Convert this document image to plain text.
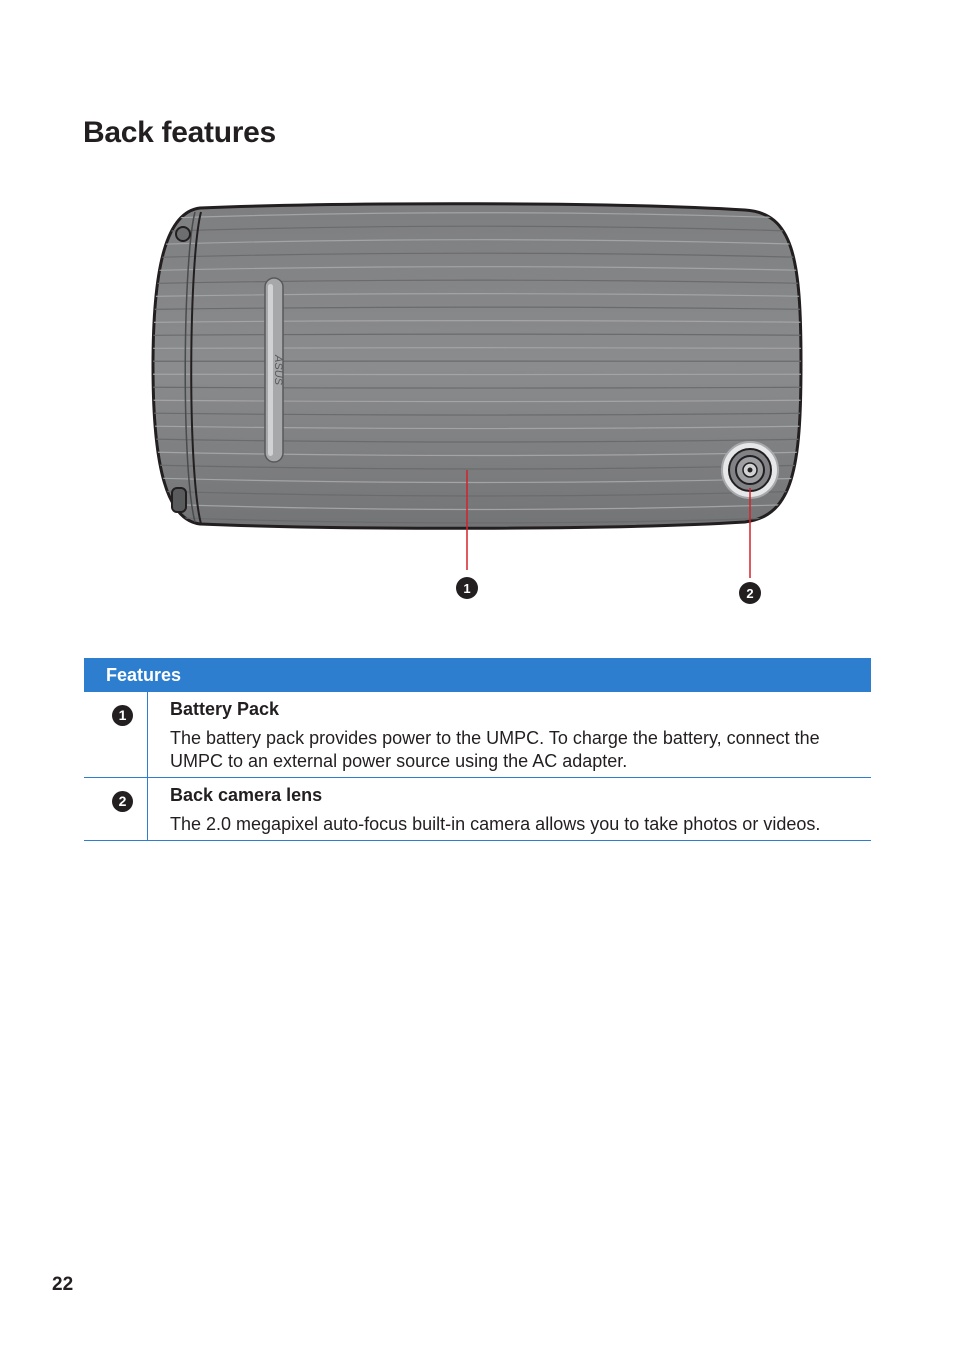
Back features
ASUS
1	2
Features	

1	Battery Pack

The battery pack provides power to the UMPC. To charge the battery, connect the UMPC to an external power source using the AC adapter.

2	Back camera lens

The 2.0 megapixel auto-focus built-in camera allows you to take photos or videos.

22
